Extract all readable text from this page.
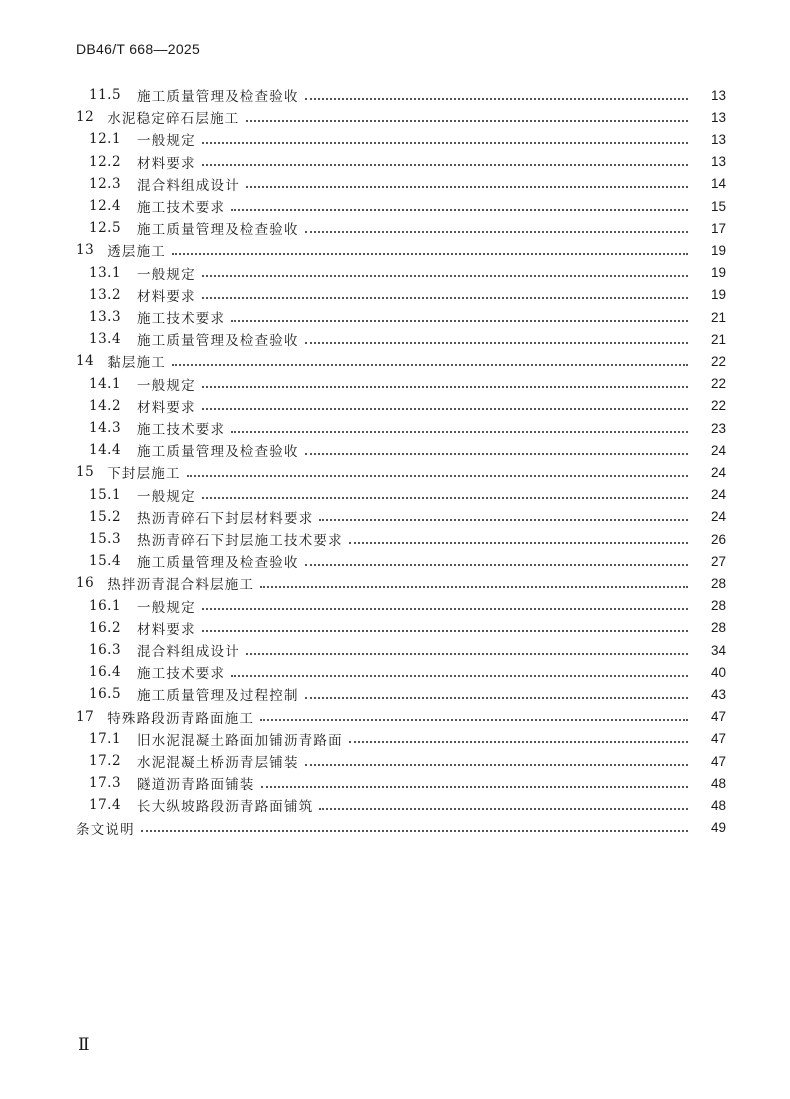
DB46/T 668—2025
11.5	施工质量管理及检查验收	13
12 水泥稳定碎石层施工	13
12.1	一般规定	13
12.2	材料要求	13
12.3	混合料组成设计	14
12.4	施工技术要求	15
12.5	施工质量管理及检查验收	17
13 透层施工	19
13.1	一般规定	19
13.2	材料要求	19
13.3	施工技术要求	21
13.4	施工质量管理及检查验收	21
14 黏层施工	22
14.1	一般规定	22
14.2	材料要求	22
14.3	施工技术要求	23
14.4	施工质量管理及检查验收	24
15 下封层施工	24
15.1	一般规定	24
15.2	热沥青碎石下封层材料要求	24
15.3	热沥青碎石下封层施工技术要求	26
15.4	施工质量管理及检查验收	27
16 热拌沥青混合料层施工	28
16.1	一般规定	28
16.2	材料要求	28
16.3	混合料组成设计	34
16.4	施工技术要求	40
16.5	施工质量管理及过程控制	43
17 特殊路段沥青路面施工	47
17.1	旧水泥混凝土路面加铺沥青路面	47
17.2	水泥混凝土桥沥青层铺装	47
17.3	隧道沥青路面铺装	48
17.4	长大纵坡路段沥青路面铺筑	48
条文说明	49
Ⅱ
